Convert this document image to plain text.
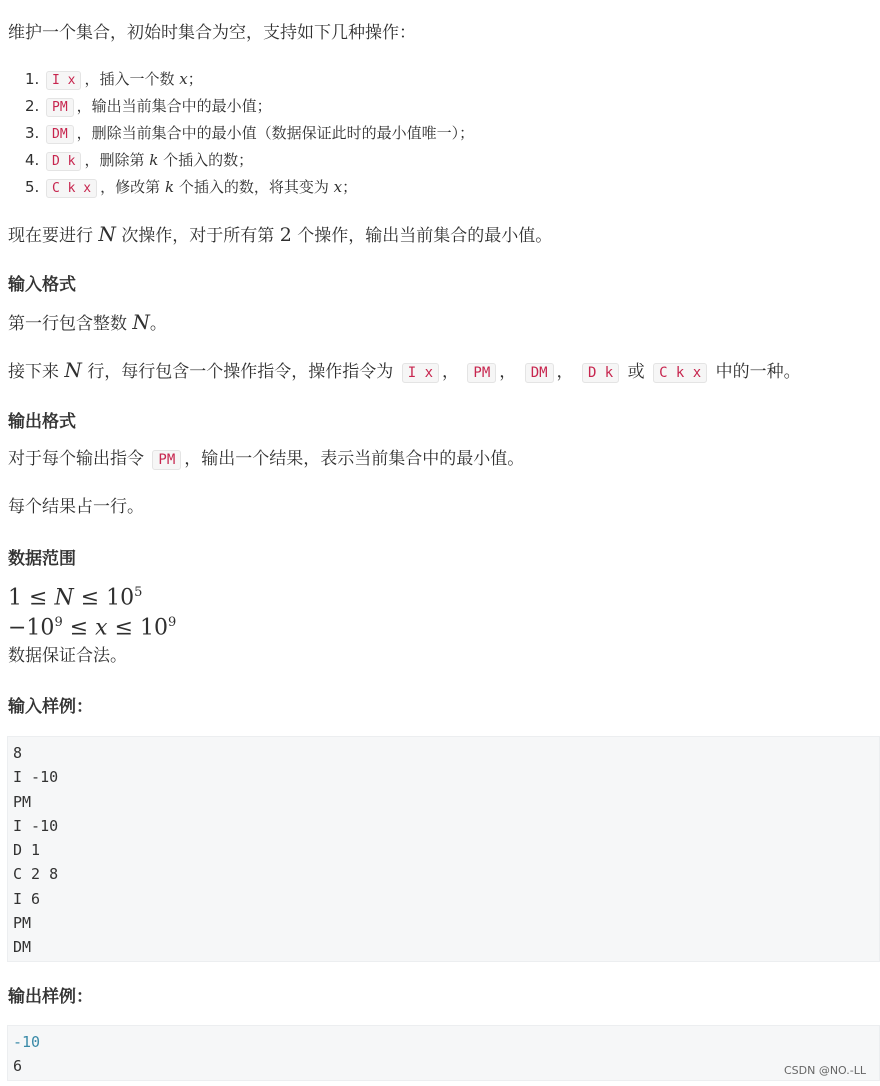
维护一个集合，初始时集合为空，支持如下几种操作：
1. I x ，插入一个数 x；
2. PM ，输出当前集合中的最小值；
3. DM ，删除当前集合中的最小值（数据保证此时的最小值唯一）；
4. D k ，删除第 k 个插入的数；
5. C k x ，修改第 k 个插入的数，将其变为 x；
现在要进行 N 次操作，对于所有第 2 个操作，输出当前集合的最小值。
输入格式
第一行包含整数 N。
接下来 N 行，每行包含一个操作指令，操作指令为 I x ， PM ， DM ， D k 或 C k x 中的一种。
输出格式
对于每个输出指令 PM ，输出一个结果，表示当前集合中的最小值。
每个结果占一行。
数据范围
$1 \le N \le 10^5$
$-10^9 \le x \le 10^9$
数据保证合法。
输入样例：
8
I -10
PM
I -10
D 1
C 2 8
I 6
PM
DM
输出样例：
-10
6	CSDN @NO.-LL
